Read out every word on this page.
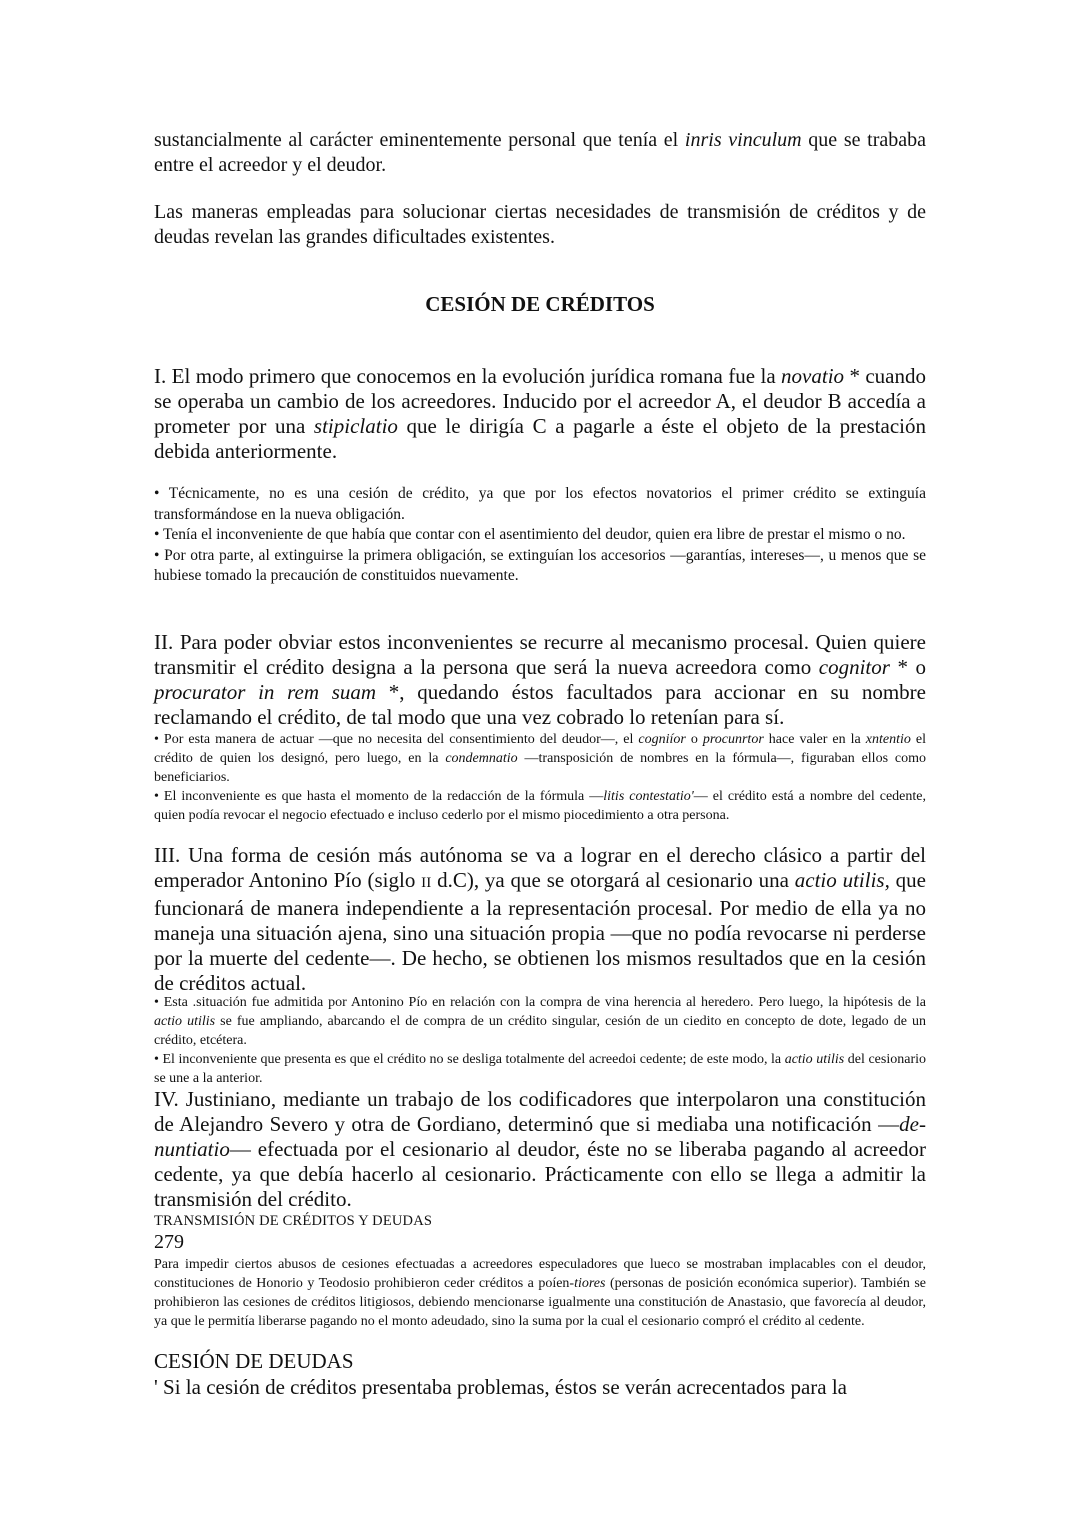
sustancialmente al carácter eminentemente personal que tenía el inris vinculum que se trababa entre el acreedor y el deudor.

Las maneras empleadas para solucionar ciertas necesidades de transmisión de créditos y de deudas revelan las grandes dificultades existentes.

CESIÓN DE CRÉDITOS

I. El modo primero que conocemos en la evolución jurídica romana fue la novatio * cuando se operaba un cambio de los acreedores. Inducido por el acreedor A, el deudor B accedía a prometer por una stipiclatio que le dirigía C a pagarle a éste el objeto de la prestación debida anteriormente.

• Técnicamente, no es una cesión de crédito, ya que por los efectos novatorios el primer crédito se extinguía transformándose en la nueva obligación.
• Tenía el inconveniente de que había que contar con el asentimiento del deudor, quien era libre de prestar el mismo o no.
• Por otra parte, al extinguirse la primera obligación, se extinguían los accesorios —garantías, intereses—, u menos que se hubiese tomado la precaución de constituidos nuevamente.

II. Para poder obviar estos inconvenientes se recurre al mecanismo procesal. Quien quiere transmitir el crédito designa a la persona que será la nueva acreedora como cognitor * o procurator in rem suam *, quedando éstos facultados para accionar en su nombre reclamando el crédito, de tal modo que una vez cobrado lo retenían para sí.

• Por esta manera de actuar —que no necesita del consentimiento del deudor—, el cogniíor o procunrtor hace valer en la xntentio el crédito de quien los designó, pero luego, en la condemnatio —transposición de nombres en la fórmula—, figuraban ellos como beneficiarios.
• El inconveniente es que hasta el momento de la redacción de la fórmula —litis contestatio'— el crédito está a nombre del cedente, quien podía revocar el negocio efectuado e incluso cederlo por el mismo piocedimiento a otra persona.

III. Una forma de cesión más autónoma se va a lograr en el derecho clásico a partir del emperador Antonino Pío (siglo II d.C), ya que se otorgará al cesionario una actio utilis, que funcionará de manera independiente a la representación procesal. Por medio de ella ya no maneja una situación ajena, sino una situación propia —que no podía revocarse ni perderse por la muerte del cedente—. De hecho, se obtienen los mismos resultados que en la cesión de créditos actual.

• Esta .situación fue admitida por Antonino Pío en relación con la compra de vina herencia al heredero. Pero luego, la hipótesis de la actio utilis se fue ampliando, abarcando el de compra de un crédito singular, cesión de un ciedito en concepto de dote, legado de un crédito, etcétera.
• El inconveniente que presenta es que el crédito no se desliga totalmente del acreedoi cedente; de este modo, la actio utilis del cesionario se une a la anterior.

IV. Justiniano, mediante un trabajo de los codificadores que interpolaron una constitución de Alejandro Severo y otra de Gordiano, determinó que si mediaba una notificación —de-nuntiatio— efectuada por el cesionario al deudor, éste no se liberaba pagando al acreedor cedente, ya que debía hacerlo al cesionario. Prácticamente con ello se llega a admitir la transmisión del crédito.

TRANSMISIÓN DE CRÉDITOS Y DEUDAS
279

Para impedir ciertos abusos de cesiones efectuadas a acreedores especuladores que lueco se mostraban implacables con el deudor, constituciones de Honorio y Teodosio prohibieron ceder créditos a poíen-tiores (personas de posición económica superior). También se prohibieron las cesiones de créditos litigiosos, debiendo mencionarse igualmente una constitución de Anastasio, que favorecía al deudor, ya que le permitía liberarse pagando no el monto adeudado, sino la suma por la cual el cesionario compró el crédito al cedente.

CESIÓN DE DEUDAS

' Si la cesión de créditos presentaba problemas, éstos se verán acrecentados para la
